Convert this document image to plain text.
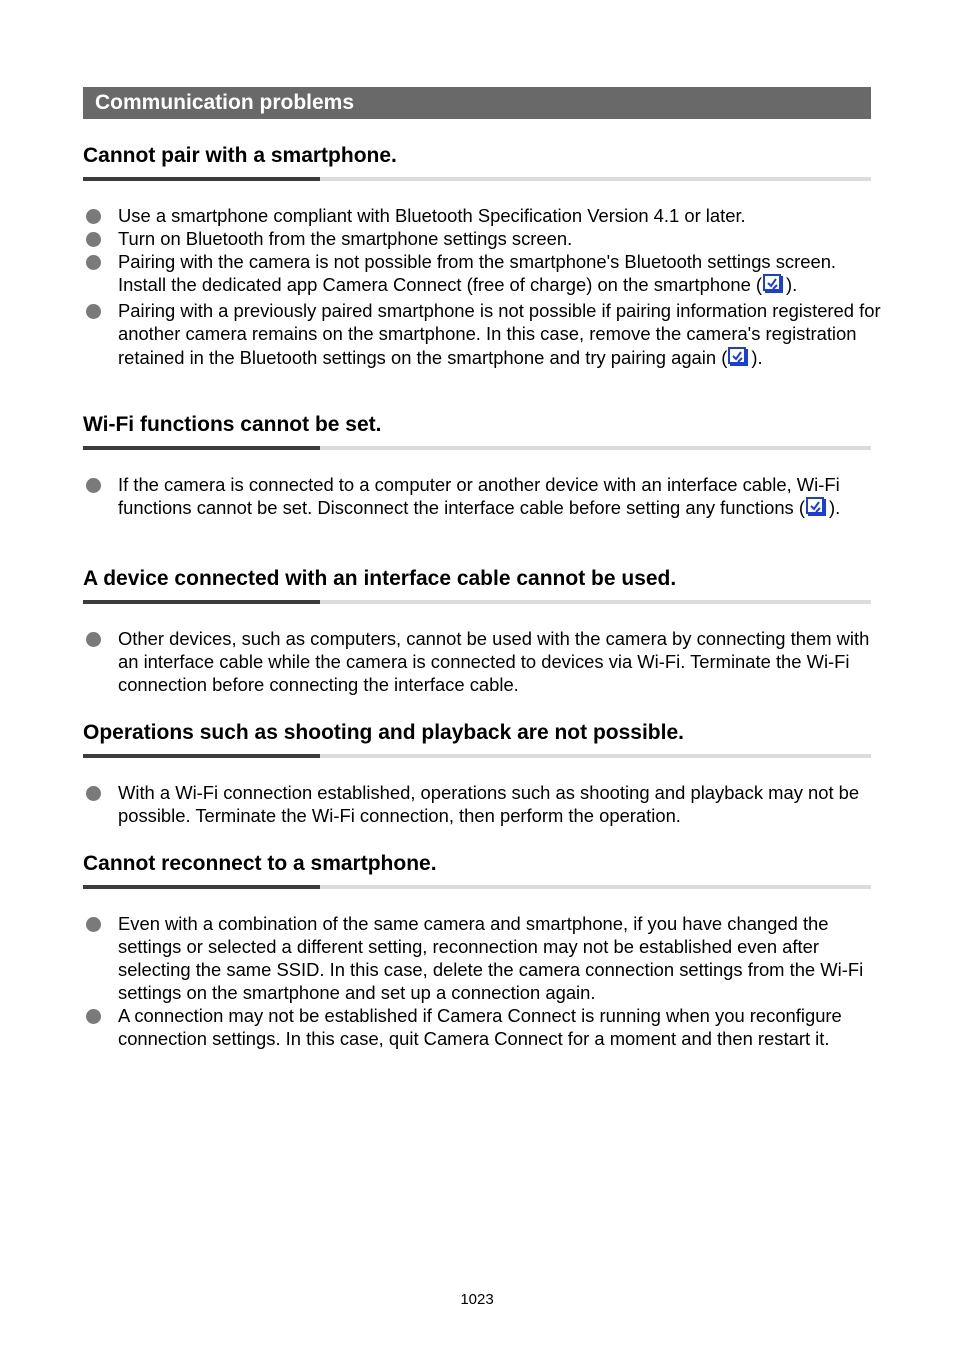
Communication problems
Cannot pair with a smartphone.
Use a smartphone compliant with Bluetooth Specification Version 4.1 or later.
Turn on Bluetooth from the smartphone settings screen.
Pairing with the camera is not possible from the smartphone's Bluetooth settings screen. Install the dedicated app Camera Connect (free of charge) on the smartphone ( ).
Pairing with a previously paired smartphone is not possible if pairing information registered for another camera remains on the smartphone. In this case, remove the camera's registration retained in the Bluetooth settings on the smartphone and try pairing again ( ).
Wi-Fi functions cannot be set.
If the camera is connected to a computer or another device with an interface cable, Wi-Fi functions cannot be set. Disconnect the interface cable before setting any functions ( ).
A device connected with an interface cable cannot be used.
Other devices, such as computers, cannot be used with the camera by connecting them with an interface cable while the camera is connected to devices via Wi-Fi. Terminate the Wi-Fi connection before connecting the interface cable.
Operations such as shooting and playback are not possible.
With a Wi-Fi connection established, operations such as shooting and playback may not be possible. Terminate the Wi-Fi connection, then perform the operation.
Cannot reconnect to a smartphone.
Even with a combination of the same camera and smartphone, if you have changed the settings or selected a different setting, reconnection may not be established even after selecting the same SSID. In this case, delete the camera connection settings from the Wi-Fi settings on the smartphone and set up a connection again.
A connection may not be established if Camera Connect is running when you reconfigure connection settings. In this case, quit Camera Connect for a moment and then restart it.
1023
